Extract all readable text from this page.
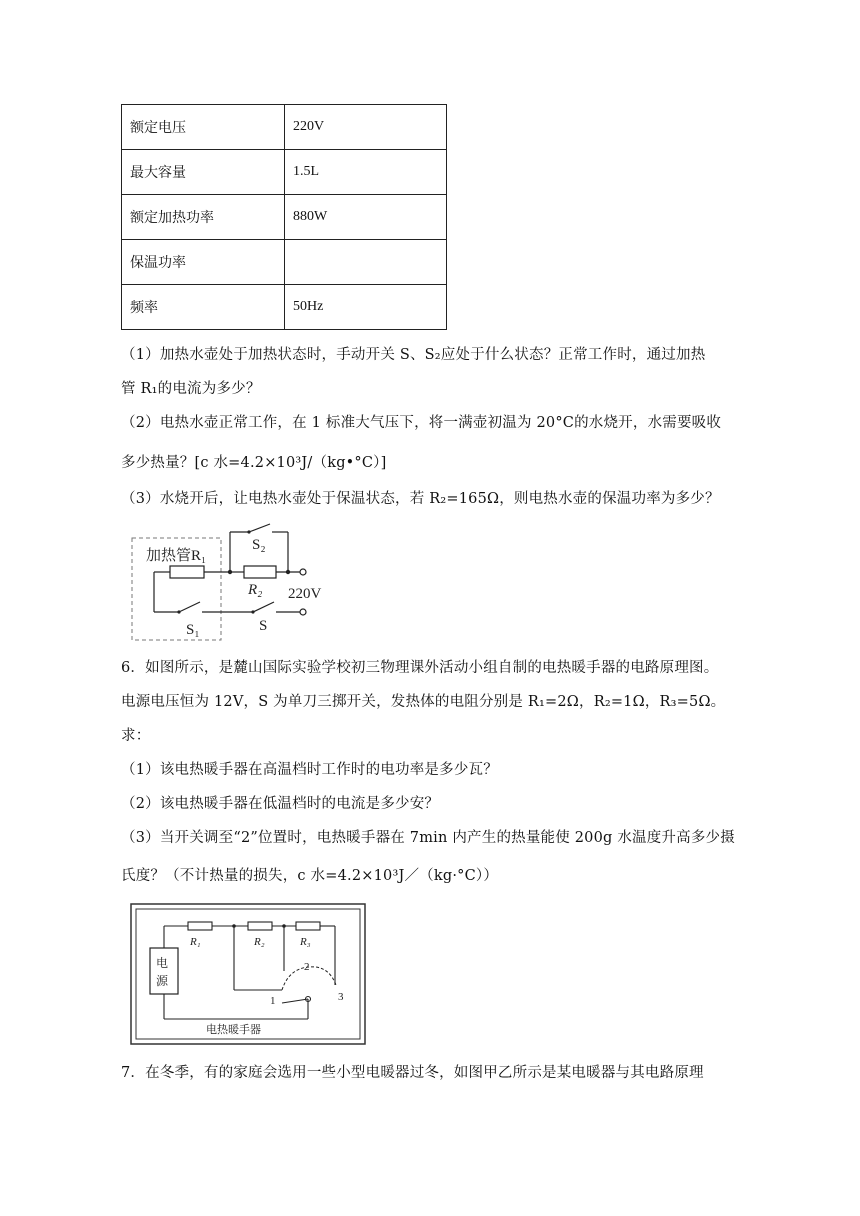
额定电压	220V
最大容量	1.5L
额定加热功率	880W
保温功率	
频率	50Hz
（1）加热水壶处于加热状态时，手动开关 S、S₂应处于什么状态？正常工作时，通过加热
管 R₁的电流为多少？
（2）电热水壶正常工作，在 1 标准大气压下，将一满壶初温为 20°C的水烧开，水需要吸收
多少热量？[c 水=4.2×10³J/（kg•°C）]
（3）水烧开后，让电热水壶处于保温状态，若 R₂=165Ω，则电热水壶的保温功率为多少？
加热管R₁
S₂
R₂ 220V
S₁	S
6．如图所示，是麓山国际实验学校初三物理课外活动小组自制的电热暖手器的电路原理图。
电源电压恒为 12V，S 为单刀三掷开关，发热体的电阻分别是 R₁=2Ω，R₂=1Ω，R₃=5Ω。
求：
（1）该电热暖手器在高温档时工作时的电功率是多少瓦？
（2）该电热暖手器在低温档时的电流是多少安？
（3）当开关调至“2”位置时，电热暖手器在 7min 内产生的热量能使 200g 水温度升高多少摄
氏度？（不计热量的损失，c 水=4.2×10³J／（kg·°C））
电
源
R₁	R₂	R₃
1
2
3
电热暖手器
7．在冬季，有的家庭会选用一些小型电暖器过冬，如图甲乙所示是某电暖器与其电路原理
